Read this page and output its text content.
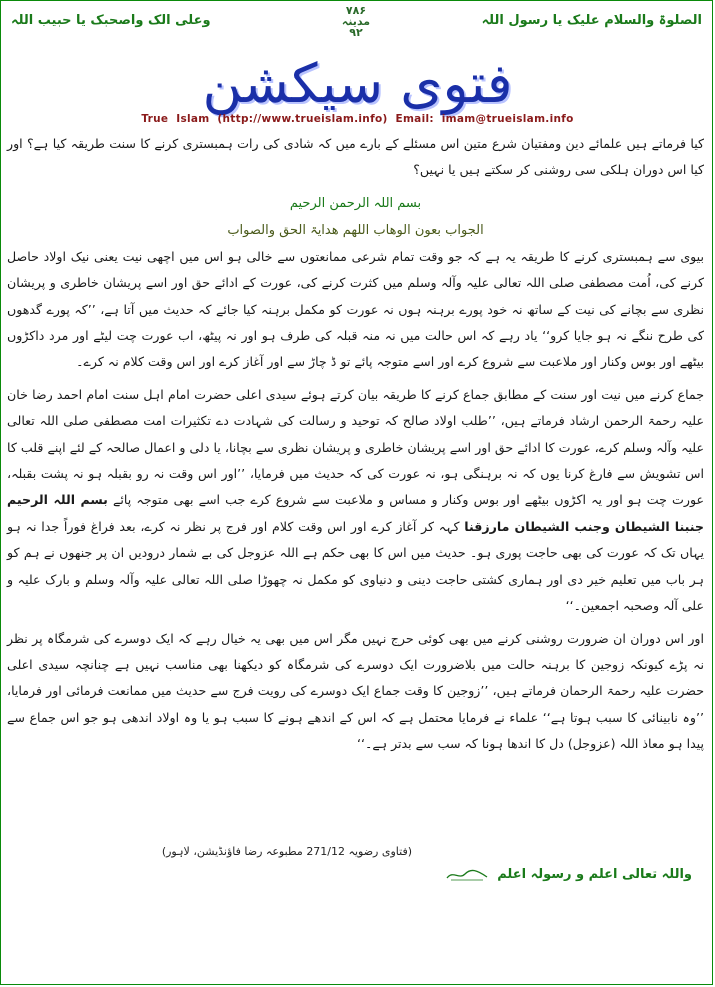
الصلوۃ والسلام علیک یا رسول اللہ
وعلی الک واصحبک یا حبیب اللہ
۷۸۶
مدینہ
۹۲
فتوی سیکشن
True  Islam  (http://www.trueislam.info)  Email:  imam@trueislam.info

کیا فرماتے ہیں علمائے دین ومفتیان شرع متین اس مسئلے کے بارے میں کہ شادی کی رات ہمبستری کرنے کا سنت طریقہ کیا ہے؟ اور کیا اس دوران ہلکی سی روشنی کر سکتے ہیں یا نہیں؟

بسم اللہ الرحمن الرحیم
الجواب بعون الوھاب اللھم ھدایۃ الحق والصواب

بیوی سے ہمبستری کرنے کا طریقہ یہ ہے کہ جو وقت تمام شرعی ممانعتوں سے خالی ہو اس میں اچھی نیت یعنی نیک اولاد حاصل کرنے کی، اُمت مصطفی صلی اللہ تعالی علیہ وآلہ وسلم میں کثرت کرنے کی، عورت کے ادائے حق اور اسے پریشان خاطری و پریشان نظری سے بچانے کی نیت کے ساتھ نہ خود پورے برہنہ ہوں نہ عورت کو مکمل برہنہ کیا جائے کہ حدیث میں آتا ہے، ’’کہ پورے گدھوں کی طرح ننگے نہ ہو جایا کرو‘‘ یاد رہے کہ اس حالت میں نہ منہ قبلہ کی طرف ہو اور نہ پیٹھ، اب عورت چت لیٹے اور مرد داکڑوں بیٹھے اور بوس وکنار اور ملاعبت سے شروع کرے اور اسے متوجہ پائے تو ڈ چاڑ سے اور آغاز کرے اور اس وقت کلام نہ کرے۔

جماع کرنے میں نیت اور سنت کے مطابق جماع کرنے کا طریقہ بیان کرتے ہوئے سیدی اعلی حضرت امام اہل سنت امام احمد رضا خان علیہ رحمۃ الرحمن ارشاد فرماتے ہیں، ’’طلب اولاد صالح کہ توحید و رسالت کی شہادت دے تکثیرات امت مصطفی صلی اللہ تعالی علیہ وآلہ وسلم کرے، عورت کا ادائے حق اور اسے پریشان خاطری و پریشان نظری سے بچانا، یا دلی و اعمال صالحہ کے لئے اپنے قلب کا اس تشویش سے فارغ کرنا یوں کہ نہ برہنگی ہو، نہ عورت کی کہ حدیث میں فرمایا، ’’اور اس وقت نہ رو بقبلہ ہو نہ پشت بقبلہ، عورت چت ہو اور یہ اکڑوں بیٹھے اور بوس وکنار و مساس و ملاعبت سے شروع کرے جب اسے بھی متوجہ پائے بسم اللہ الرحیم جنبنا الشیطان وجنب الشیطان مارزقنا کہہ کر آغاز کرے اور اس وقت کلام اور فرج پر نظر نہ کرے، بعد فراغ فوراً جدا نہ ہو یہاں تک کہ عورت کی بھی حاجت پوری ہو۔ حدیث میں اس کا بھی حکم ہے اللہ عزوجل کی بے شمار درودیں ان پر جنھوں نے ہم کو ہر باب میں تعلیم خیر دی اور ہماری کشتی حاجت دینی و دنیاوی کو مکمل نہ چھوڑا صلی اللہ تعالی علیہ وآلہ وسلم و بارک علیہ و علی آلہ وصحبہ اجمعین۔‘‘

اور اس دوران ان ضرورت روشنی کرنے میں بھی کوئی حرج نہیں مگر اس میں بھی یہ خیال رہے کہ ایک دوسرے کی شرمگاہ پر نظر نہ پڑے کیونکہ زوجین کا برہنہ حالت میں بلاضرورت ایک دوسرے کی شرمگاہ کو دیکھنا بھی مناسب نہیں ہے چنانچہ سیدی اعلی حضرت علیہ رحمۃ الرحمان فرماتے ہیں، ’’زوجین کا وقت جماع ایک دوسرے کی رویت فرج سے حدیث میں ممانعت فرمائی اور فرمایا، ’’وہ نابینائی کا سبب ہوتا ہے‘‘ علماء نے فرمایا محتمل ہے کہ اس کے اندھے ہونے کا سبب ہو یا وہ اولاد اندھی ہو جو اس جماع سے پیدا ہو معاذ اللہ (عزوجل) دل کا اندھا ہونا کہ سب سے بدتر ہے۔‘‘

(فتاوی رضویہ 271/12 مطبوعہ رضا فاؤنڈیشن، لاہور)
واللہ تعالی اعلم و رسولہ اعلم
